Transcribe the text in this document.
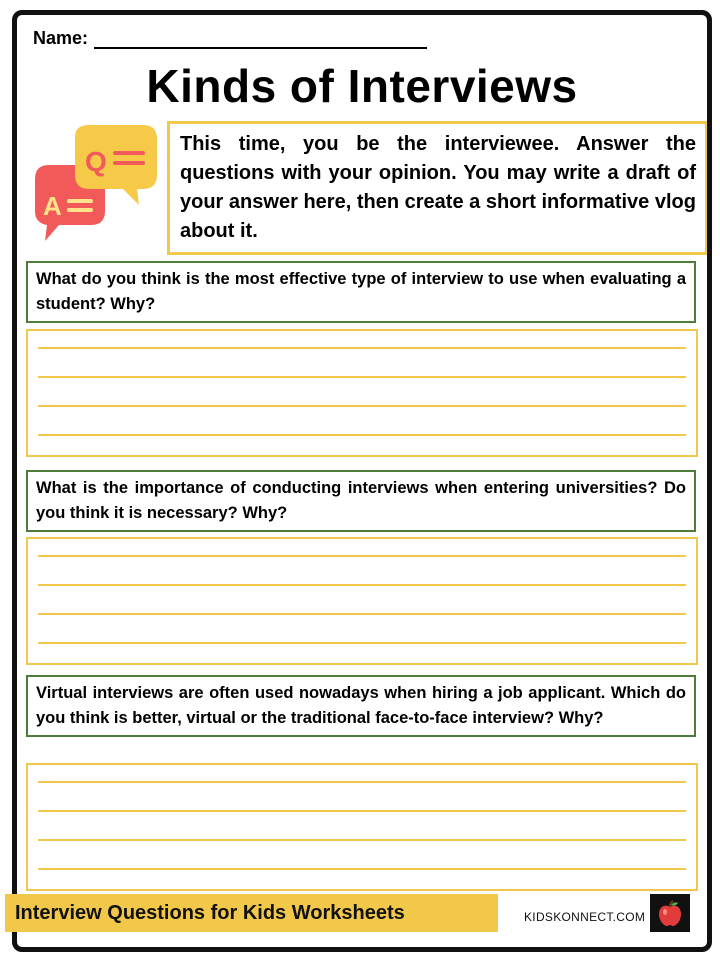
Name:
Kinds of Interviews
A
Q
This time, you be the interviewee. Answer the questions with your opinion. You may write a draft of your answer here, then create a short informative vlog about it.
What do you think is the most effective type of interview to use when evaluating a student? Why?
What is the importance of conducting interviews when entering universities? Do you think it is necessary? Why?
Virtual interviews are often used nowadays when hiring a job applicant. Which do you think is better, virtual or the traditional face-to-face interview? Why?
Interview Questions for Kids Worksheets	KIDSKONNECT.COM
